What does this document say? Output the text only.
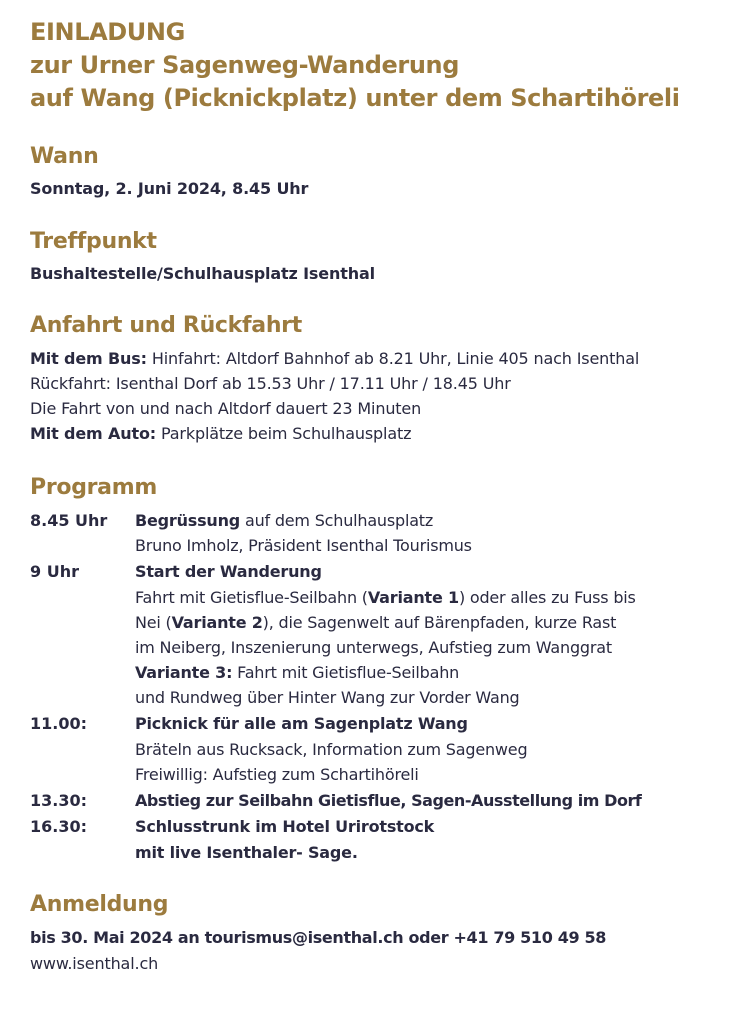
EINLADUNG
zur Urner Sagenweg-Wanderung
auf Wang (Picknickplatz) unter dem Schartihöreli
Wann
Sonntag, 2. Juni 2024, 8.45 Uhr
Treffpunkt
Bushaltestelle/Schulhausplatz Isenthal
Anfahrt und Rückfahrt
Mit dem Bus: Hinfahrt: Altdorf Bahnhof ab 8.21 Uhr, Linie 405 nach Isenthal
Rückfahrt: Isenthal Dorf ab 15.53 Uhr / 17.11 Uhr / 18.45 Uhr
Die Fahrt von und nach Altdorf dauert 23 Minuten
Mit dem Auto: Parkplätze beim Schulhausplatz
Programm
8.45 Uhr Begrüssung auf dem Schulhausplatz
Bruno Imholz, Präsident Isenthal Tourismus
9 Uhr	Start der Wanderung
Fahrt mit Gietisflue-Seilbahn (Variante 1) oder alles zu Fuss bis
Nei (Variante 2), die Sagenwelt auf Bärenpfaden, kurze Rast
im Neiberg, Inszenierung unterwegs, Aufstieg zum Wanggrat
Variante 3: Fahrt mit Gietisflue-Seilbahn
und Rundweg über Hinter Wang zur Vorder Wang
11.00:	Picknick für alle am Sagenplatz Wang
Bräteln aus Rucksack, Information zum Sagenweg
Freiwillig: Aufstieg zum Schartihöreli
13.30:	Abstieg zur Seilbahn Gietisflue, Sagen-Ausstellung im Dorf
16.30:	Schlusstrunk im Hotel Urirotstock
mit live Isenthaler- Sage.
Anmeldung
bis 30. Mai 2024 an tourismus@isenthal.ch oder +41 79 510 49 58
www.isenthal.ch
